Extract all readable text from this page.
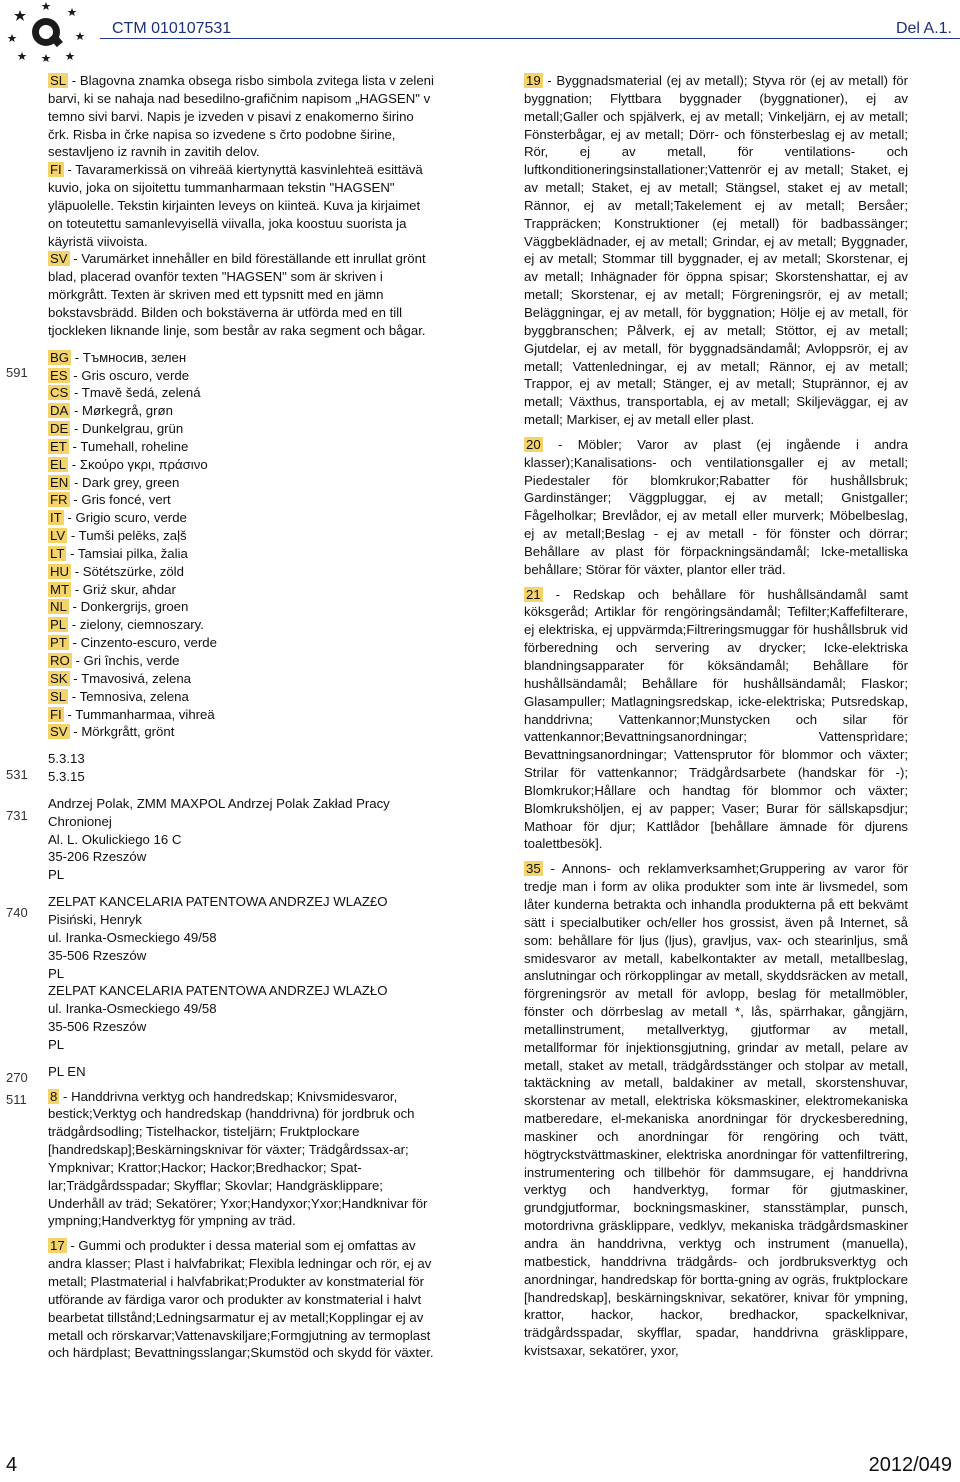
CTM 010107531	Del A.1.
591
531
731
740
270
511

SL - Blagovna znamka obsega risbo simbola zvitega lista v zeleni barvi, ki se nahaja nad besedilno-grafičnim napisom „HAGSEN" v temno sivi barvi. Napis je izveden v pisavi z enakomerno širino črk. Risba in črke napisa so izvedene s črto podobne širine, sestavljeno iz ravnih in zavitih delov.

FI - Tavaramerkissä on vihreää kiertynyttä kasvinlehteä esittävä kuvio, joka on sijoitettu tummanharmaan tekstin "HAGSEN" yläpuolelle. Tekstin kirjainten leveys on kiinteä. Kuva ja kirjaimet on toteutettu samanlevyisellä viivalla, joka koostuu suorista ja käyristä viivoista.

SV - Varumärket innehåller en bild föreställande ett inrullat grönt blad, placerad ovanför texten "HAGSEN" som är skriven i mörkgrått. Texten är skriven med ett typsnitt med en jämn bokstavsbrädd. Bilden och bokstäverna är utförda med en till tjockleken liknande linje, som består av raka segment och bågar.

BG - Тъмносив, зелен

ES - Gris oscuro, verde

CS - Tmavě šedá, zelená

DA - Mørkegrå, grøn

DE - Dunkelgrau, grün

ET - Tumehall, roheline

EL - Σκούρο γκρι, πράσινο

EN - Dark grey, green

FR - Gris foncé, vert

IT - Grigio scuro, verde

LV - Tumši pelēks, zaļš

LT - Tamsiai pilka, žalia

HU - Sötétszürke, zöld

MT - Griż skur, aħdar

NL - Donkergrijs, groen

PL - zielony, ciemnoszary.

PT - Cinzento-escuro, verde

RO - Gri închis, verde

SK - Tmavosivá, zelena

SL - Temnosiva, zelena

FI - Tummanharmaa, vihreä

SV - Mörkgrått, grönt

5.3.13

5.3.15

Andrzej Polak, ZMM MAXPOL Andrzej Polak Zakład Pracy Chronionej

Al. L. Okulickiego 16 C

35-206 Rzeszów

PL

ZELPAT KANCELARIA PATENTOWA ANDRZEJ WLAZ£O

Pisiński, Henryk

ul. Iranka-Osmeckiego 49/58

35-506 Rzeszów

PL

ZELPAT KANCELARIA PATENTOWA ANDRZEJ WLAZŁO

ul. Iranka-Osmeckiego 49/58

35-506 Rzeszów

PL

PL EN

8 - Handdrivna verktyg och handredskap; Knivsmidesvaror, bestick;Verktyg och handredskap (handdrivna) för jordbruk och trädgårdsodling; Tistelhackor, tisteljärn; Fruktplockare [handredskap];Beskärningsknivar för växter; Trädgårdssax-ar; Ympknivar; Krattor;Hackor; Hackor;Bredhackor; Spat-lar;Trädgårdsspadar; Skyfflar; Skovlar; Handgräsklippare; Underhåll av träd; Sekatörer; Yxor;Handyxor;Yxor;Handknivar för ympning;Handverktyg för ympning av träd.

17 - Gummi och produkter i dessa material som ej omfattas av andra klasser; Plast i halvfabrikat; Flexibla ledningar och rör, ej av metall; Plastmaterial i halvfabrikat;Produkter av konstmaterial för utförande av färdiga varor och produkter av konstmaterial i halvt bearbetat tillstånd;Ledningsarmatur ej av metall;Kopplingar ej av metall och rörskarvar;Vattenavskiljare;Formgjutning av termoplast och härdplast; Bevattningsslangar;Skumstöd och skydd för växter.

19 - Byggnadsmaterial (ej av metall); Styva rör (ej av metall) för byggnation; Flyttbara byggnader (byggnationer), ej av metall;Galler och spjälverk, ej av metall; Vinkeljärn, ej av metall; Fönsterbågar, ej av metall; Dörr- och fönsterbeslag ej av metall; Rör, ej av metall, för ventilations- och luftkonditioneringsinstallationer;Vattenrör ej av metall; Staket, ej av metall; Staket, ej av metall; Stängsel, staket ej av metall; Rännor, ej av metall;Takelement ej av metall; Bersåer; Trappräcken; Konstruktioner (ej metall) för badbassänger; Väggbeklädnader, ej av metall; Grindar, ej av metall; Byggnader, ej av metall; Stommar till byggnader, ej av metall; Skorstenar, ej av metall; Inhägnader för öppna spisar; Skorstenshattar, ej av metall; Skorstenar, ej av metall; Förgreningsrör, ej av metall; Beläggningar, ej av metall, för byggnation; Hölje ej av metall, för byggbranschen; Pålverk, ej av metall; Stöttor, ej av metall; Gjutdelar, ej av metall, för byggnadsändamål; Avloppsrör, ej av metall; Vattenledningar, ej av metall; Rännor, ej av metall; Trappor, ej av metall; Stänger, ej av metall; Stuprännor, ej av metall; Växthus, transportabla, ej av metall; Skiljeväggar, ej av metall; Markiser, ej av metall eller plast.

20 - Möbler; Varor av plast (ej ingående i andra klasser);Kanalisations- och ventilationsgaller ej av metall; Piedestaler för blomkrukor;Rabatter för hushållsbruk; Gardinstänger; Väggpluggar, ej av metall; Gnistgaller; Fågelholkar; Brevlådor, ej av metall eller murverk; Möbelbeslag, ej av metall;Beslag - ej av metall - för fönster och dörrar; Behållare av plast för förpackningsändamål; Icke-metalliska behållare; Störar för växter, plantor eller träd.

21 - Redskap och behållare för hushållsändamål samt köksgeråd; Artiklar för rengöringsändamål; Tefilter;Kaffefilterare, ej elektriska, ej uppvärmda;Filtreringsmuggar för hushållsbruk vid förberedning och servering av drycker; Icke-elektriska blandningsapparater för köksändamål; Behållare för hushållsändamål; Behållare för hushållsändamål; Flaskor; Glasampuller; Matlagningsredskap, icke-elektriska; Putsredskap, handdrivna; Vattenkannor;Munstycken och silar för vattenkannor;Bevattningsanordningar; Vattensprìdare; Bevattningsanordningar; Vattensprutor för blommor och växter; Strilar för vattenkannor; Trädgårdsarbete (handskar för -); Blomkrukor;Hållare och handtag för blommor och växter; Blomkrukshöljen, ej av papper; Vaser; Burar för sällskapsdjur; Mathoar för djur; Kattlådor [behållare ämnade för djurens toalettbesök].

35 - Annons- och reklamverksamhet;Gruppering av varor för tredje man i form av olika produkter som inte är livsmedel, som låter kunderna betrakta och inhandla produkterna på ett bekvämt sätt i specialbutiker och/eller hos grossist, även på Internet, så som: behållare för ljus (ljus), gravljus, vax- och stearinljus, små smidesvaror av metall, kabelkontakter av metall, metallbeslag, anslutningar och rörkopplingar av metall, skyddsräcken av metall, förgreningsrör av metall för avlopp, beslag för metallmöbler, fönster och dörrbeslag av metall *, lås, spärrhakar, gångjärn, metallinstrument, metallverktyg, gjutformar av metall, metallformar för injektionsgjutning, grindar av metall, pelare av metall, staket av metall, trädgårdsstänger och stolpar av metall, taktäckning av metall, baldakiner av metall, skorstenshuvar, skorstenar av metall, elektriska köksmaskiner, elektromekaniska matberedare, el-mekaniska anordningar för dryckesberedning, maskiner och anordningar för rengöring och tvätt, högtryckstvättmaskiner, elektriska anordningar för vattenfiltrering, instrumentering och tillbehör för dammsugare, ej handdrivna verktyg och handverktyg, formar för gjutmaskiner, grundgjutformar, bockningsmaskiner, stansstämplar, punsch, motordrivna gräsklippare, vedklyv, mekaniska trädgårdsmaskiner andra än handdrivna, verktyg och instrument (manuella), matbestick, handdrivna trädgårds- och jordbruksverktyg och anordningar, handredskap för bortta-gning av ogräs, fruktplockare [handredskap], beskärningsknivar, sekatörer, knivar för ympning, krattor, hackor, hackor, bredhackor, spackelknivar, trädgårdsspadar, skyfflar, spadar, handdrivna gräsklippare, kvistsaxar, sekatörer, yxor,

4	2012/049
